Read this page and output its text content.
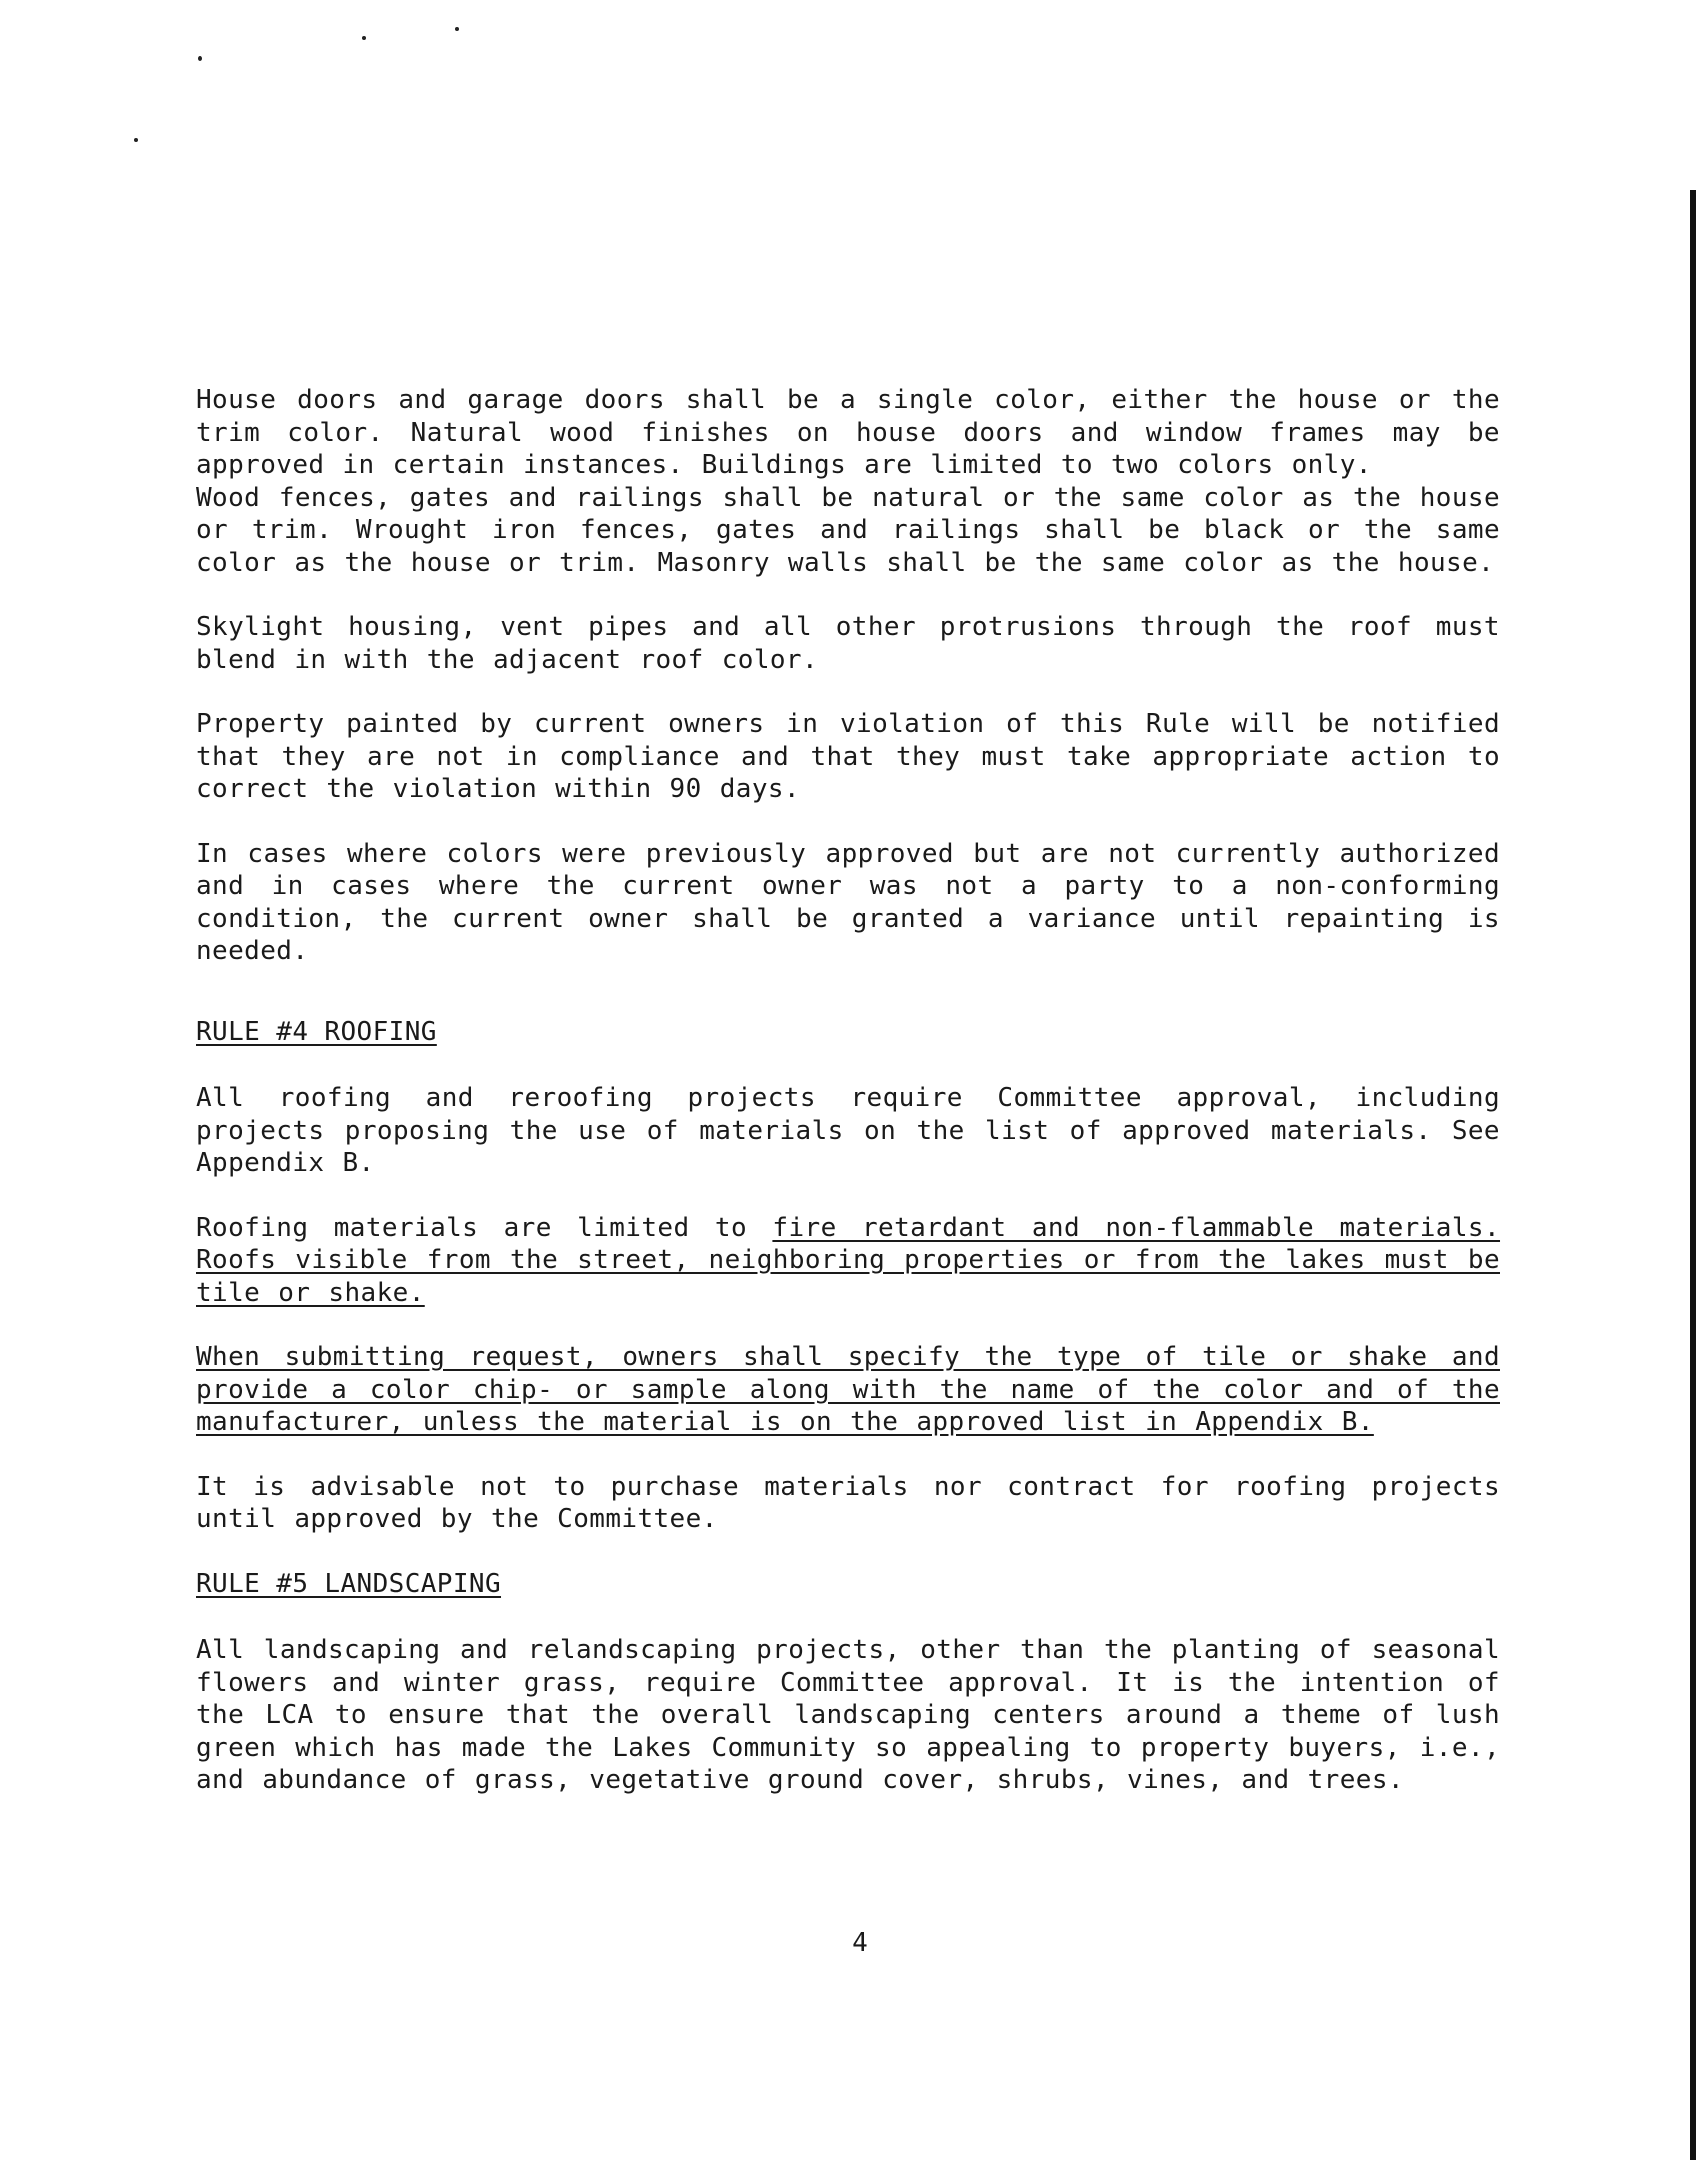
House doors and garage doors shall be a single color, either the house or the trim color. Natural wood finishes on house doors and window frames may be approved in certain instances. Buildings are limited to two colors only.

Wood fences, gates and railings shall be natural or the same color as the house or trim. Wrought iron fences, gates and railings shall be black or the same color as the house or trim. Masonry walls shall be the same color as the house.

Skylight housing, vent pipes and all other protrusions through the roof must blend in with the adjacent roof color.

Property painted by current owners in violation of this Rule will be notified that they are not in compliance and that they must take appropriate action to correct the violation within 90 days.

In cases where colors were previously approved but are not currently authorized and in cases where the current owner was not a party to a non-conforming condition, the current owner shall be granted a variance until repainting is needed.

RULE #4 ROOFING

All roofing and reroofing projects require Committee approval, including projects proposing the use of materials on the list of approved materials. See Appendix B.

Roofing materials are limited to fire retardant and non-flammable materials. Roofs visible from the street, neighboring properties or from the lakes must be tile or shake.

When submitting request, owners shall specify the type of tile or shake and provide a color chip- or sample along with the name of the color and of the manufacturer, unless the material is on the approved list in Appendix B.

It is advisable not to purchase materials nor contract for roofing projects until approved by the Committee.

RULE #5 LANDSCAPING

All landscaping and relandscaping projects, other than the planting of seasonal flowers and winter grass, require Committee approval. It is the intention of the LCA to ensure that the overall landscaping centers around a theme of lush green which has made the Lakes Community so appealing to property buyers, i.e., and abundance of grass, vegetative ground cover, shrubs, vines, and trees.

4
